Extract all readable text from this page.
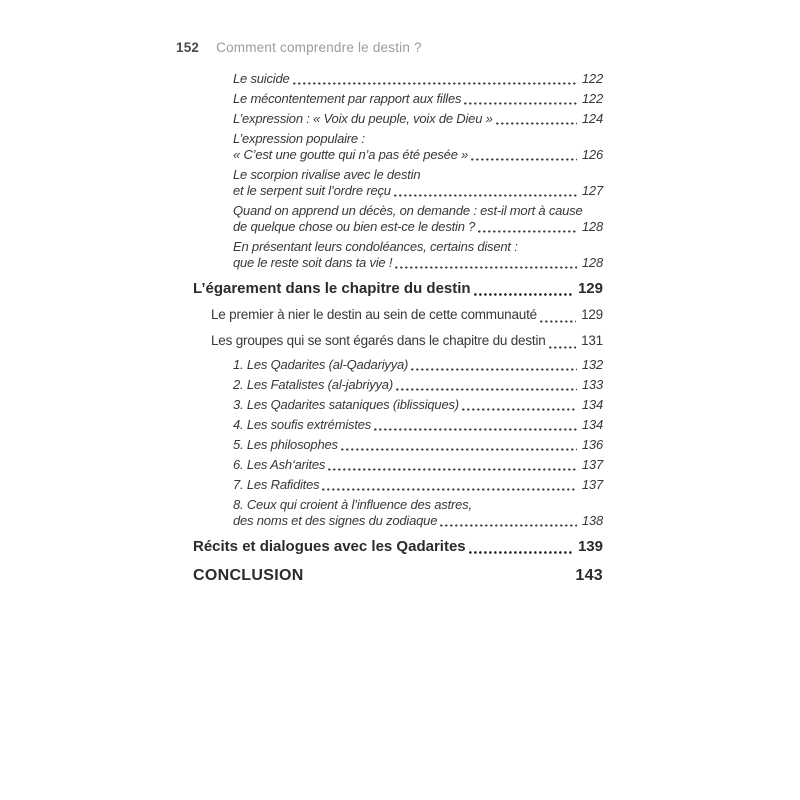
152 Comment comprendre le destin ?
Le suicide	122
Le mécontentement par rapport aux filles	122
L’expression : « Voix du peuple, voix de Dieu »	124
L’expression populaire :
« C’est une goutte qui n’a pas été pesée »	126
Le scorpion rivalise avec le destin
et le serpent suit l’ordre reçu	127
Quand on apprend un décès, on demande : est-il mort à cause
de quelque chose ou bien est-ce le destin ?	128
En présentant leurs condoléances, certains disent :
que le reste soit dans ta vie !	128
L’égarement dans le chapitre du destin	129
Le premier à nier le destin au sein de cette communauté	129
Les groupes qui se sont égarés dans le chapitre du destin	131
1. Les Qadarites (al-Qadariyya)	132
2. Les Fatalistes (al-jabriyya)	133
3. Les Qadarites sataniques (iblissiques)	134
4. Les soufis extrémistes	134
5. Les philosophes	136
6. Les Ash‘arites	137
7. Les Rafidites	137
8. Ceux qui croient à l’influence des astres,
des noms et des signes du zodiaque	138
Récits et dialogues avec les Qadarites	139
CONCLUSION	143
